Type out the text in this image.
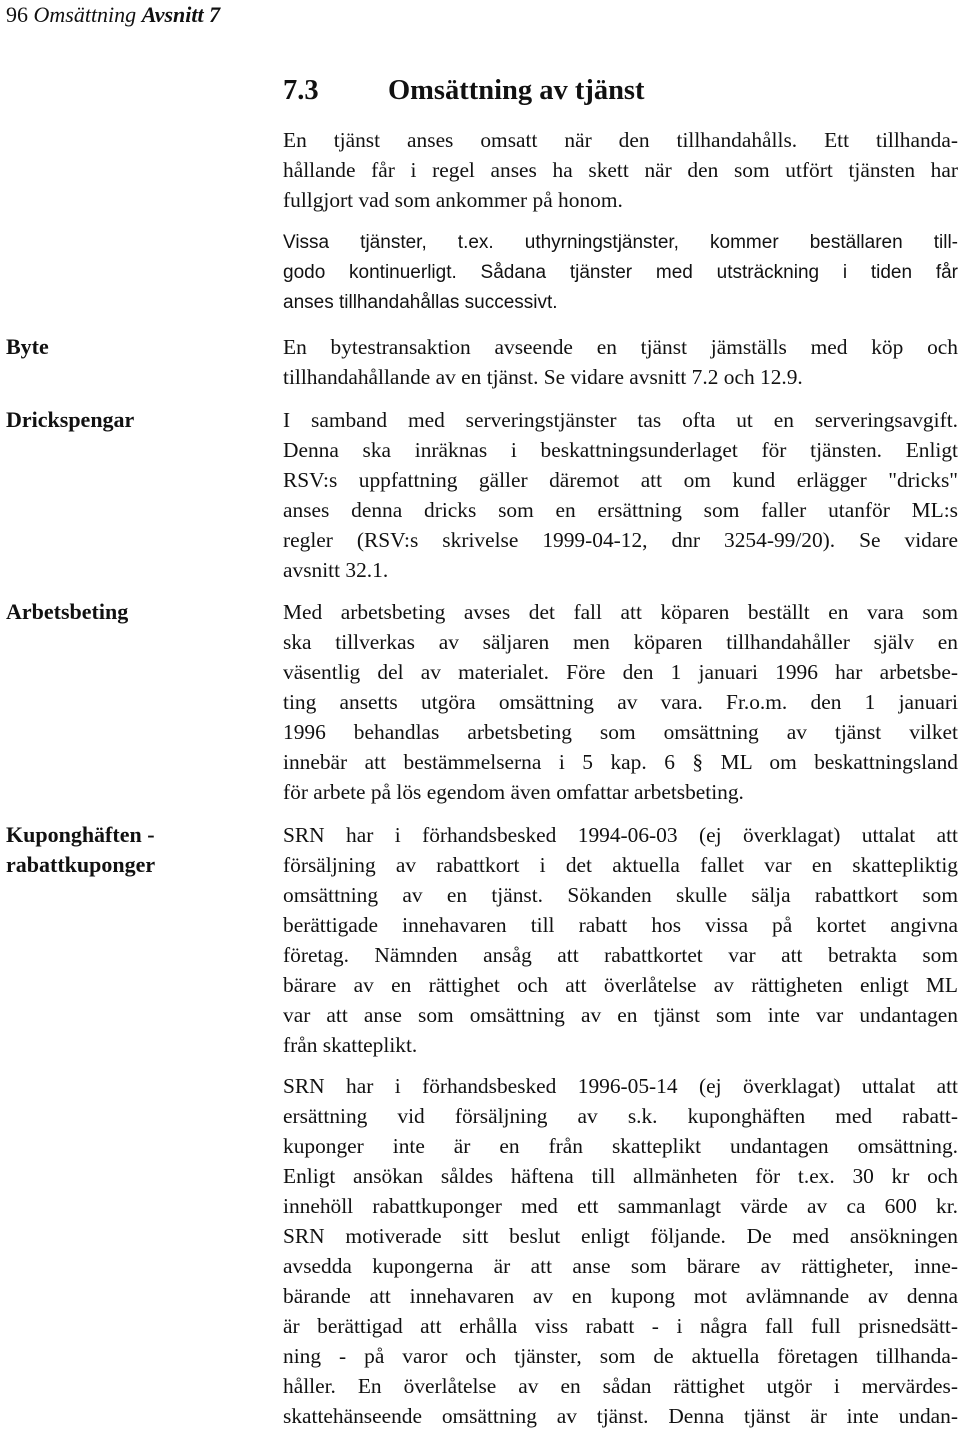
96 Omsättning Avsnitt 7
7.3 Omsättning av tjänst
Byte
Drickspengar
Arbetsbeting
Kuponghäften -
rabattkuponger
En tjänst anses omsatt när den tillhandahålls. Ett tillhanda-
hållande får i regel anses ha skett när den som utfört tjänsten har
fullgjort vad som ankommer på honom.
Vissa tjänster, t.ex. uthyrningstjänster, kommer beställaren till-
godo kontinuerligt. Sådana tjänster med utsträckning i tiden får
anses tillhandahållas successivt.
En bytestransaktion avseende en tjänst jämställs med köp och
tillhandahållande av en tjänst. Se vidare avsnitt 7.2 och 12.9.
I samband med serveringstjänster tas ofta ut en serveringsavgift.
Denna ska inräknas i beskattningsunderlaget för tjänsten. Enligt
RSV:s uppfattning gäller däremot att om kund erlägger "dricks"
anses denna dricks som en ersättning som faller utanför ML:s
regler (RSV:s skrivelse 1999-04-12, dnr 3254-99/20). Se vidare
avsnitt 32.1.
Med arbetsbeting avses det fall att köparen beställt en vara som
ska tillverkas av säljaren men köparen tillhandahåller själv en
väsentlig del av materialet. Före den 1 januari 1996 har arbetsbe-
ting ansetts utgöra omsättning av vara. Fr.o.m. den 1 januari
1996 behandlas arbetsbeting som omsättning av tjänst vilket
innebär att bestämmelserna i 5 kap. 6 § ML om beskattningsland
för arbete på lös egendom även omfattar arbetsbeting.
SRN har i förhandsbesked 1994-06-03 (ej överklagat) uttalat att
försäljning av rabattkort i det aktuella fallet var en skattepliktig
omsättning av en tjänst. Sökanden skulle sälja rabattkort som
berättigade innehavaren till rabatt hos vissa på kortet angivna
företag. Nämnden ansåg att rabattkortet var att betrakta som
bärare av en rättighet och att överlåtelse av rättigheten enligt ML
var att anse som omsättning av en tjänst som inte var undantagen
från skatteplikt.
SRN har i förhandsbesked 1996-05-14 (ej överklagat) uttalat att
ersättning vid försäljning av s.k. kuponghäften med rabatt-
kuponger inte är en från skatteplikt undantagen omsättning.
Enligt ansökan såldes häftena till allmänheten för t.ex. 30 kr och
innehöll rabattkuponger med ett sammanlagt värde av ca 600 kr.
SRN motiverade sitt beslut enligt följande. De med ansökningen
avsedda kupongerna är att anse som bärare av rättigheter, inne-
bärande att innehavaren av en kupong mot avlämnande av denna
är berättigad att erhålla viss rabatt - i några fall full prisnedsätt-
ning - på varor och tjänster, som de aktuella företagen tillhanda-
håller. En överlåtelse av en sådan rättighet utgör i mervärdes-
skattehänseende omsättning av tjänst. Denna tjänst är inte undan-
